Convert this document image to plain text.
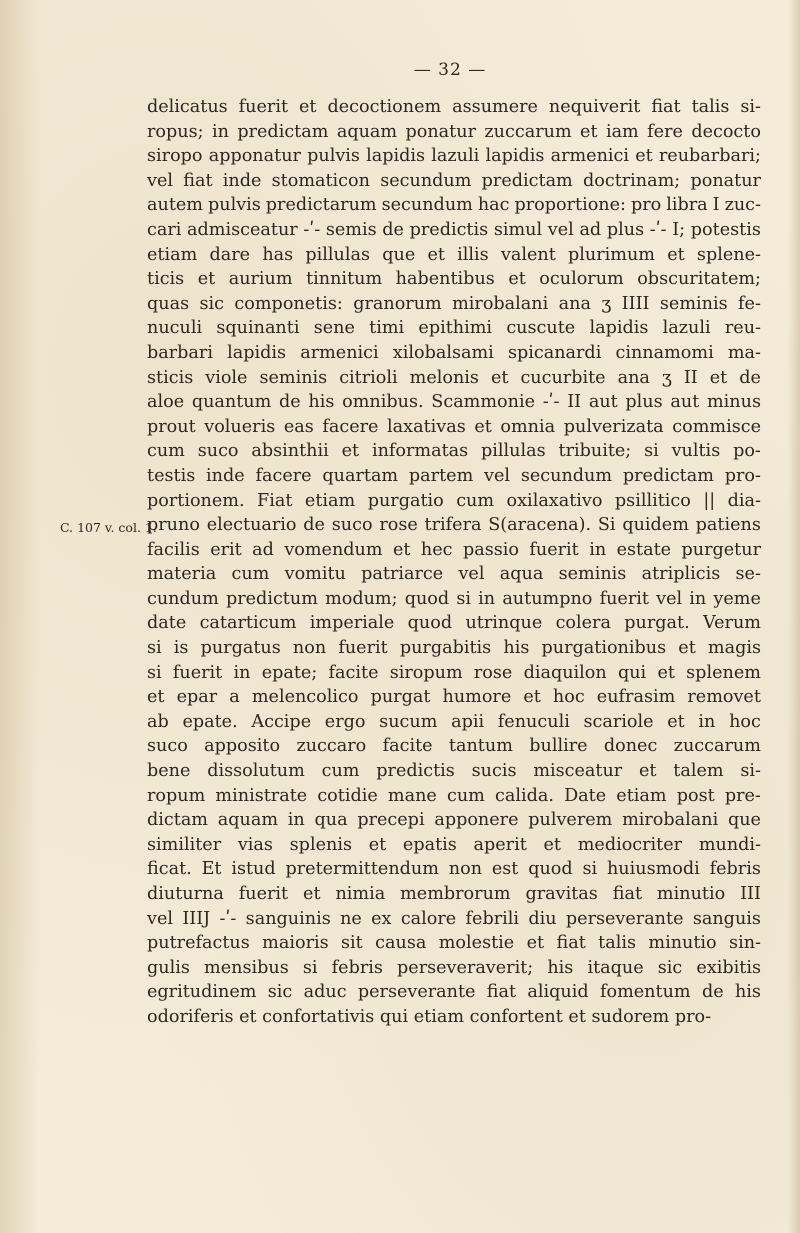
— 32 —
C. 107 v. col. 1.
delicatus fuerit et decoctionem assumere nequiverit fiat talis si-
ropus; in predictam aquam ponatur zuccarum et iam fere decocto
siropo apponatur pulvis lapidis lazuli lapidis armenici et reubarbari;
vel fiat inde stomaticon secundum predictam doctrinam; ponatur
autem pulvis predictarum secundum hac proportione: pro libra I zuc-
cari admisceatur -ʹ- semis de predictis simul vel ad plus -ʹ- I; potestis
etiam dare has pillulas que et illis valent plurimum et splene-
ticis et aurium tinnitum habentibus et oculorum obscuritatem;
quas sic componetis: granorum mirobalani ana ʒ IIII seminis fe-
nuculi squinanti sene timi epithimi cuscute lapidis lazuli reu-
barbari lapidis armenici xilobalsami spicanardi cinnamomi ma-
sticis viole seminis citrioli melonis et cucurbite ana ʒ II et de
aloe quantum de his omnibus. Scammonie -ʹ- II aut plus aut minus
prout volueris eas facere laxativas et omnia pulverizata commisce
cum suco absinthii et informatas pillulas tribuite; si vultis po-
testis inde facere quartam partem vel secundum predictam pro-
portionem. Fiat etiam purgatio cum oxilaxativo psillitico || dia-
pruno electuario de suco rose trifera S(aracena). Si quidem patiens
facilis erit ad vomendum et hec passio fuerit in estate purgetur
materia cum vomitu patriarce vel aqua seminis atriplicis se-
cundum predictum modum; quod si in autumpno fuerit vel in yeme
date catarticum imperiale quod utrinque colera purgat. Verum
si is purgatus non fuerit purgabitis his purgationibus et magis
si fuerit in epate; facite siropum rose diaquilon qui et splenem
et epar a melencolico purgat humore et hoc eufrasim removet
ab epate. Accipe ergo sucum apii fenuculi scariole et in hoc
suco apposito zuccaro facite tantum bullire donec zuccarum
bene dissolutum cum predictis sucis misceatur et talem si-
ropum ministrate cotidie mane cum calida. Date etiam post pre-
dictam aquam in qua precepi apponere pulverem mirobalani que
similiter vias splenis et epatis aperit et mediocriter mundi-
ficat. Et istud pretermittendum non est quod si huiusmodi febris
diuturna fuerit et nimia membrorum gravitas fiat minutio III
vel IIIJ -ʹ- sanguinis ne ex calore febrili diu perseverante sanguis
putrefactus maioris sit causa molestie et fiat talis minutio sin-
gulis mensibus si febris perseveraverit; his itaque sic exibitis
egritudinem sic aduc perseverante fiat aliquid fomentum de his
odoriferis
et
confortativis
qui
etiam
confortent
et
sudorem
pro-
